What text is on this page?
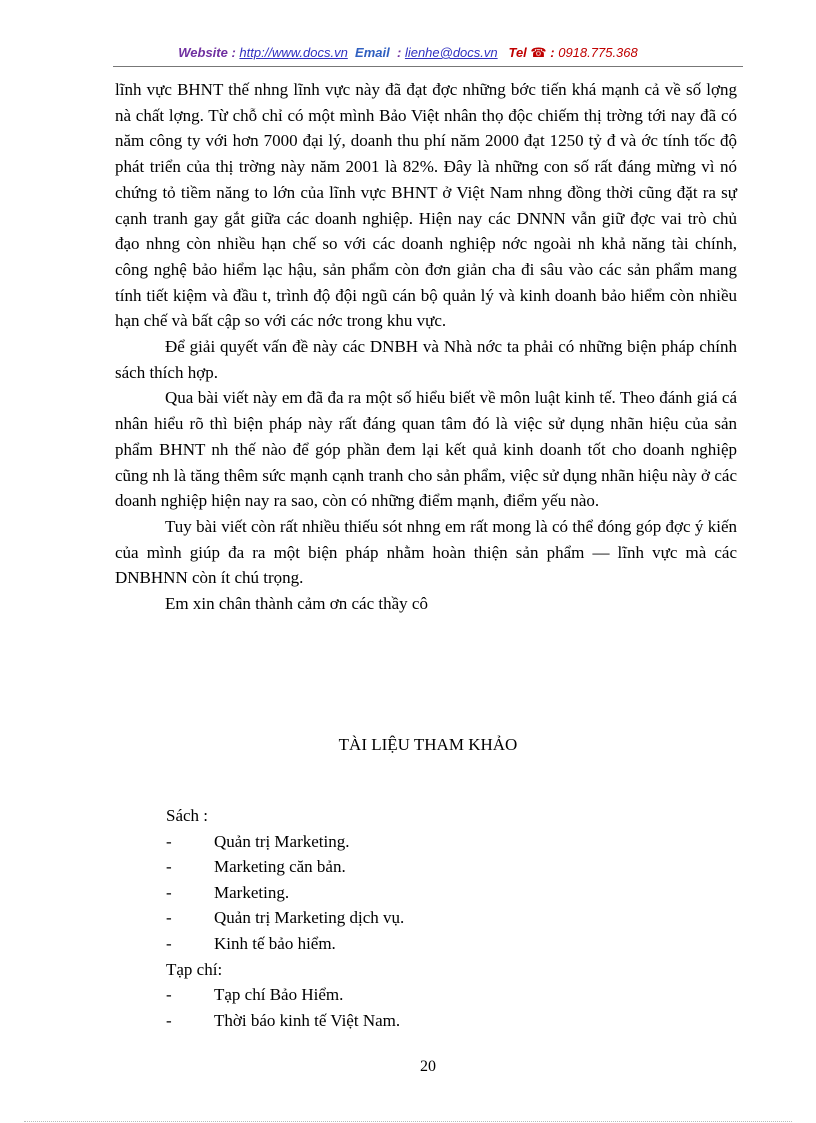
Website : http://www.docs.vn Email : lienhe@docs.vn Tel ☎ : 0918.775.368

lĩnh vực BHNT thế nhng lĩnh vực này đã đạt đợc những bớc tiến khá mạnh cả về số lợng nà chất lợng. Từ chỗ chỉ có một mình Bảo Việt nhân thọ độc chiếm thị trờng tới nay đã có năm công ty với hơn 7000 đại lý, doanh thu phí năm 2000 đạt 1250 tỷ đ và ớc tính tốc độ phát triển của thị trờng này năm 2001 là 82%. Đây là những con số rất đáng mừng vì nó chứng tỏ tiềm năng to lớn của lĩnh vực BHNT ở Việt Nam nhng đồng thời cũng đặt ra sự cạnh tranh gay gắt giữa các doanh nghiệp. Hiện nay các DNNN vẫn giữ đợc vai trò chủ đạo nhng còn nhiều hạn chế so với các doanh nghiệp nớc ngoài nh khả năng tài chính, công nghệ bảo hiểm lạc hậu, sản phẩm còn đơn giản cha đi sâu vào các sản phẩm mang tính tiết kiệm và đầu t, trình độ đội ngũ cán bộ quản lý và kinh doanh bảo hiểm còn nhiều hạn chế và bất cập so với các nớc trong khu vực.

Để giải quyết vấn đề này các DNBH và Nhà nớc ta phải có những biện pháp chính sách thích hợp.

Qua bài viết này em đã đa ra một số hiểu biết về môn luật kinh tế. Theo đánh giá cá nhân hiểu rõ thì biện pháp này rất đáng quan tâm đó là việc sử dụng nhãn hiệu của sản phẩm BHNT nh thế nào để góp phần đem lại kết quả kinh doanh tốt cho doanh nghiệp cũng nh là tăng thêm sức mạnh cạnh tranh cho sản phẩm, việc sử dụng nhãn hiệu này ở các doanh nghiệp hiện nay ra sao, còn có những điểm mạnh, điểm yếu nào.

Tuy bài viết còn rất nhiều thiếu sót nhng em rất mong là có thể đóng góp đợc ý kiến của mình giúp đa ra một biện pháp nhằm hoàn thiện sản phẩm — lĩnh vực mà các DNBHNN còn ít chú trọng.

Em xin chân thành cảm ơn các thầy cô

TÀI LIỆU THAM KHẢO

Sách :

- Quản trị Marketing.

- Marketing căn bản.

- Marketing.

- Quản trị Marketing dịch vụ.

- Kinh tế bảo hiểm.

Tạp chí:

- Tạp chí Bảo Hiểm.

- Thời báo kinh tế Việt Nam.

20
